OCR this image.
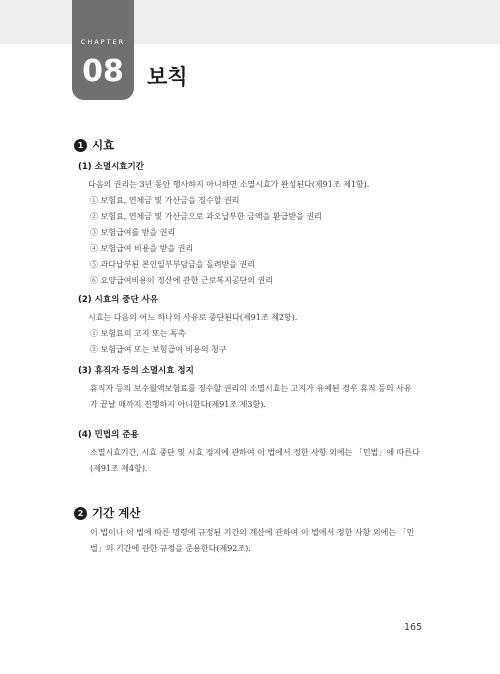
CHAPTER
08	보칙
1 시효
(1) 소멸시효기간
다음의 권리는 3년 동안 행사하지 아니하면 소멸시효가 완성된다(제91조 제1항).
① 보험료, 연체금 및 가산금을 징수할 권리
② 보험료, 연체금 및 가산금으로 과오납부한 금액을 환급받을 권리
③ 보험급여를 받을 권리
④ 보험급여 비용을 받을 권리
⑤ 과다납부된 본인일부부담금을 돌려받을 권리
⑥ 요양급여비용이 정산에 관한 근로복지공단의 권리
(2) 시효의 중단 사유
시효는 다음의 어느 하나의 사유로 중단된다(제91조 제2항).
① 보험료의 고지 또는 독촉
② 보험급여 또는 보험급여 비용의 청구
(3) 휴직자 등의 소멸시효 정지
휴직자 등의 보수월액보험료를 징수할 권리의 소멸시효는 고지가 유예된 경우 휴직 등의 사유
가 끝날 때까지 진행하지 아니한다(제91조 제3항).
(4) 민법의 준용
소멸시효기간, 시효 중단 및 시효 정지에 관하여 이 법에서 정한 사항 외에는 「민법」에 따른다
(제91조 제4항).
2 기간 계산
이 법이나 이 법에 따른 명령에 규정된 기간의 계산에 관하여 이 법에서 정한 사항 외에는 「민
법」의 기간에 관한 규정을 준용한다(제92조).
165
